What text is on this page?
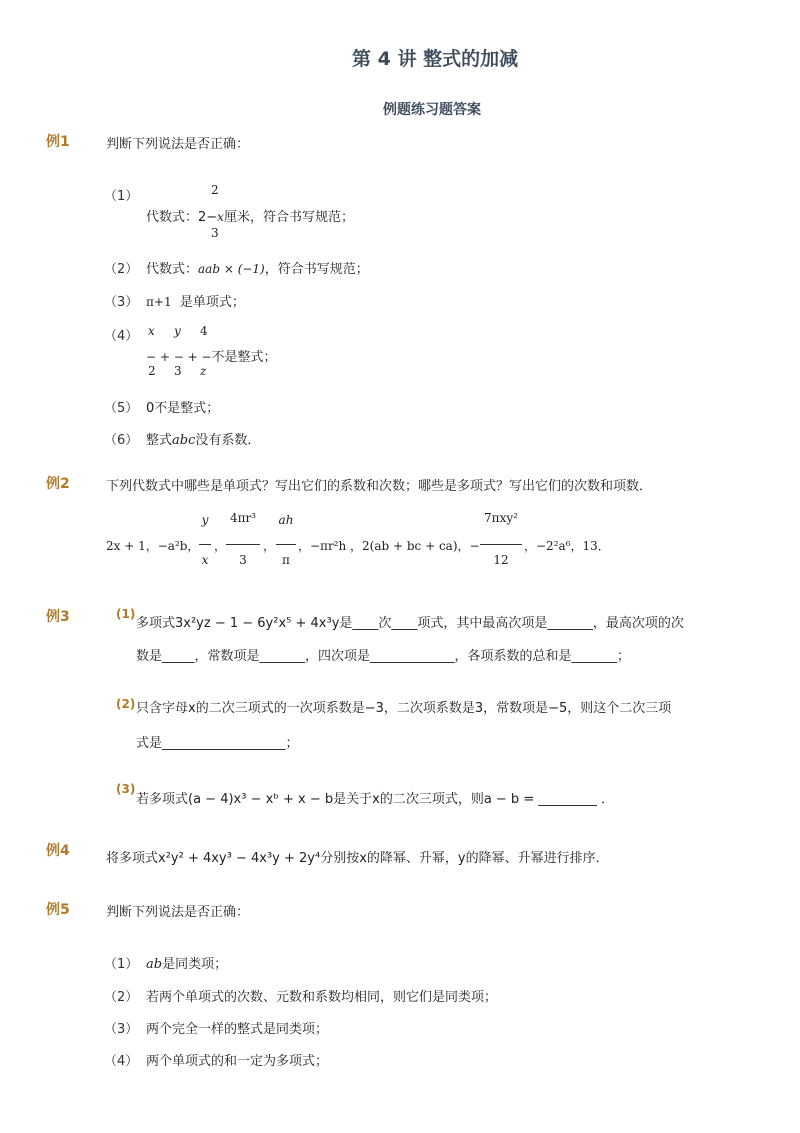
第 4 讲 整式的加减
例题练习题答案
例1	判断下列说法是否正确：
（1）	2
代数式：2−x厘米，符合书写规范；
3
（2） 代数式：aab × (−1)，符合书写规范；
（3） π+1 是单项式；
（4） x y 4
− + − + −不是整式；
2 3 z
（5） 0不是整式；
（6） 整式abc没有系数．
例2	下列代数式中哪些是单项式？写出它们的系数和次数；哪些是多项式？写出它们的次数和项数．
2x + 1，−a²b，
y
x
，
4πr³
3
，
ah
π
，−πr²h ，2(ab + bc + ca)，−
7πxy²
12
，−2²a⁶，13．
例3	(1)
多项式3x²yz − 1 − 6y²x⁵ + 4x³y是____次____项式，其中最高次项是_______，最高次项的次
数是_____，常数项是_______，四次项是_____________，各项系数的总和是_______；
(2) 只含字母x的二次三项式的一次项系数是−3，二次项系数是3，常数项是−5，则这个二次三项
式是___________________；
(3)
若多项式(a − 4)x³ − xᵇ + x − b是关于x的二次三项式，则a − b = _________ ．
例4	将多项式x²y² + 4xy³ − 4x³y + 2y⁴分别按x的降幂、升幂，y的降幂、升幂进行排序．
例5	判断下列说法是否正确：
（1） ab是同类项；
（2） 若两个单项式的次数、元数和系数均相同，则它们是同类项；
（3） 两个完全一样的整式是同类项；
（4） 两个单项式的和一定为多项式；
